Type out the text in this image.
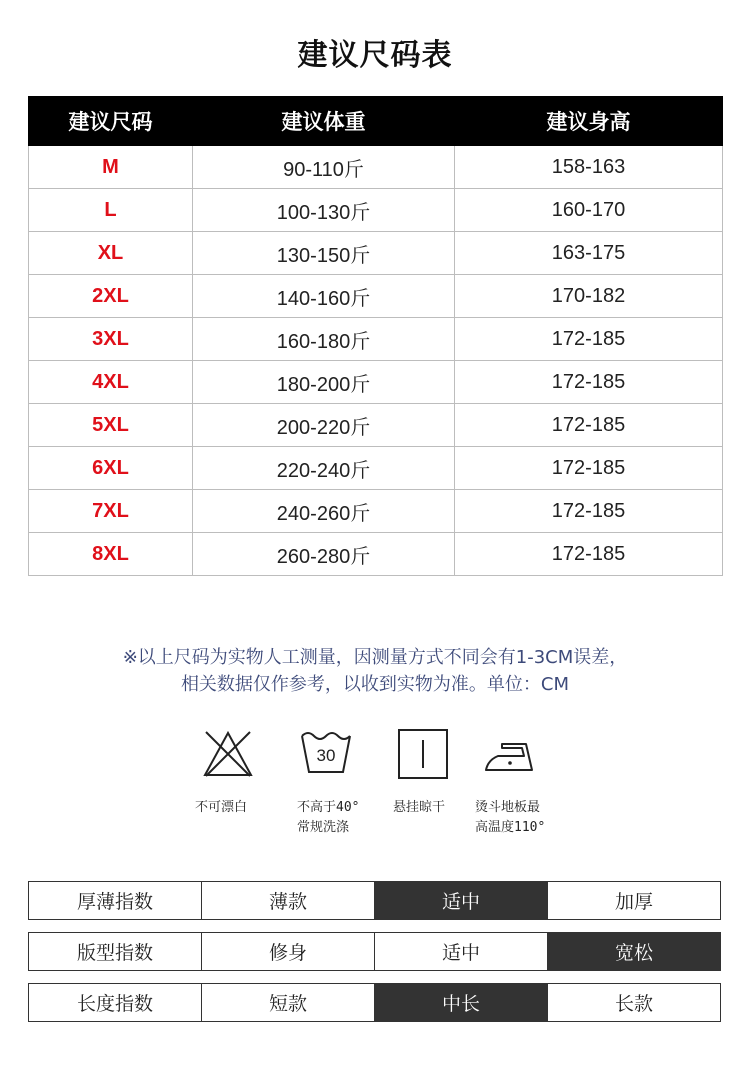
建议尺码表
建议尺码	建议体重	建议身高
M	90-110斤	158-163
L	100-130斤	160-170
XL	130-150斤	163-175
2XL	140-160斤	170-182
3XL	160-180斤	172-185
4XL	180-200斤	172-185
5XL	200-220斤	172-185
6XL	220-240斤	172-185
7XL	240-260斤	172-185
8XL	260-280斤	172-185
※以上尺码为实物人工测量，因测量方式不同会有1-3CM误差，
相关数据仅作参考，以收到实物为准。单位：CM
不可漂白
30
不高于40°
常规洗涤
悬挂晾干 烫斗地板最
高温度110°
厚薄指数	薄款	适中	加厚
版型指数	修身	适中	宽松
长度指数	短款	中长	长款
